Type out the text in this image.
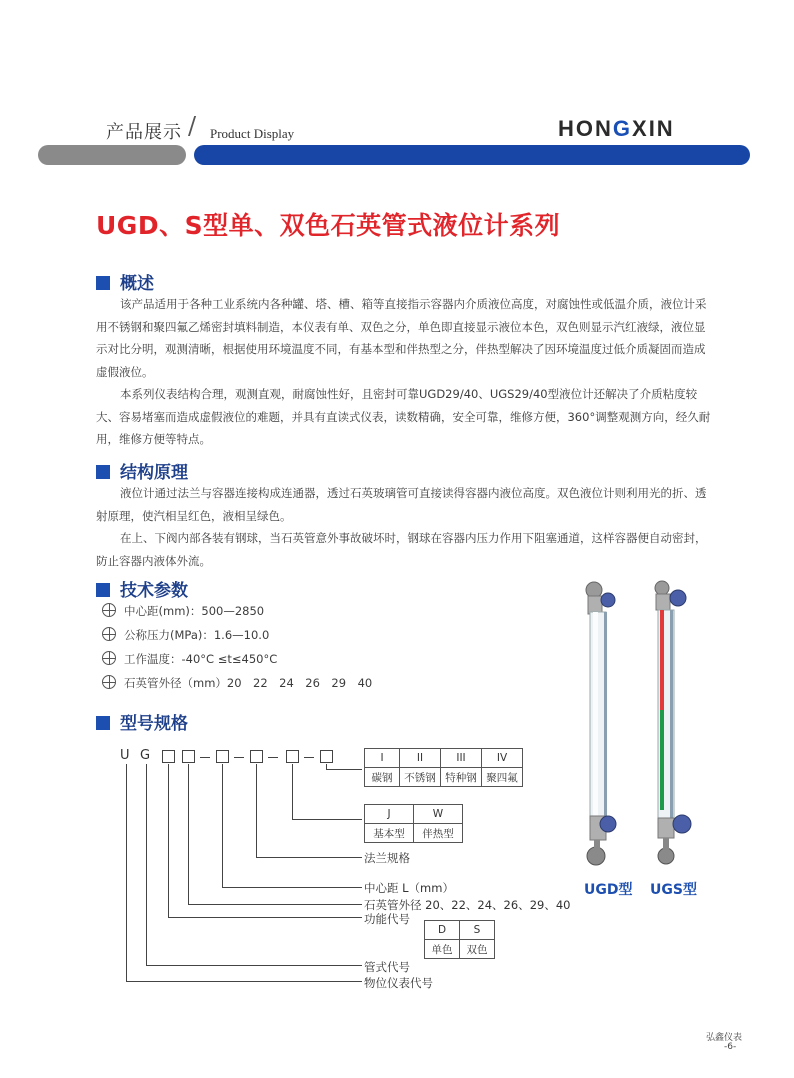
产品展示 / Product Display	HONGXIN
UGD、S型单、双色石英管式液位计系列
概述

该产品适用于各种工业系统内各种罐、塔、槽、箱等直接指示容器内介质液位高度，对腐蚀性或低温介质，液位计采用不锈钢和聚四氟乙烯密封填料制造，本仪表有单、双色之分，单色即直接显示液位本色，双色则显示汽红液绿，液位显示对比分明，观测清晰，根据使用环境温度不同，有基本型和伴热型之分，伴热型解决了因环境温度过低介质凝固而造成虚假液位。

本系列仪表结构合理，观测直观，耐腐蚀性好，且密封可靠UGD29/40、UGS29/40型液位计还解决了介质粘度较大、容易堵塞而造成虚假液位的难题，并具有直读式仪表，读数精确，安全可靠，维修方便，360°调整观测方向，经久耐用，维修方便等特点。

结构原理

液位计通过法兰与容器连接构成连通器，透过石英玻璃管可直接读得容器内液位高度。双色液位计则利用光的折、透射原理，使汽相呈红色，液相呈绿色。

在上、下阀内部各装有钢球，当石英管意外事故破坏时，钢球在容器内压力作用下阻塞通道，这样容器便自动密封，防止容器内液体外流。

技术参数
中心距(mm)：500—2850
公称压力(MPa)：1.6—10.0
工作温度：-40°C ≤t≤450°C
石英管外径（mm）20　22　24　26　29　40
型号规格
U G	I	II	III	IV
碳钢	不锈钢	特种钢	聚四氟
J	W
基本型	伴热型
法兰规格
中心距 L（mm）
石英管外径 20、22、24、26、29、40
功能代号
D	S
单色	双色
管式代号
物位仪表代号
UGD型 UGS型
弘鑫仪表
-6-
